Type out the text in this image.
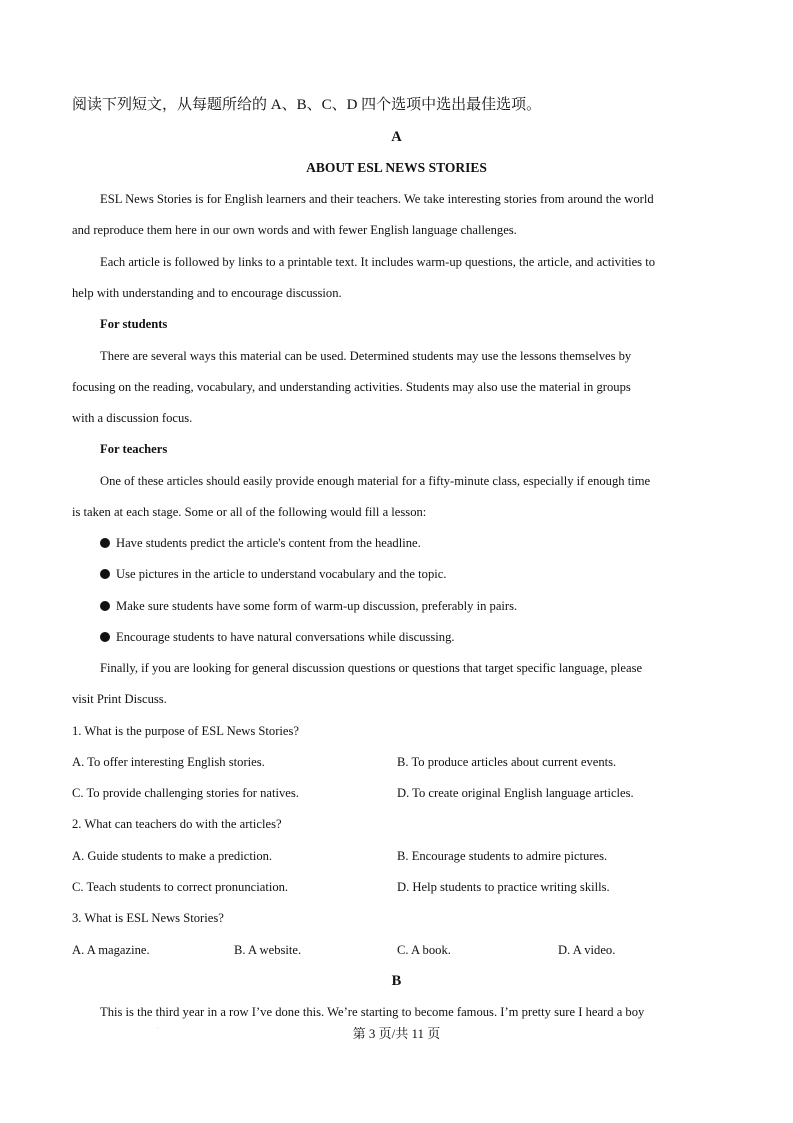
阅读下列短文，从每题所给的 A、B、C、D 四个选项中选出最佳选项。
A
ABOUT ESL NEWS STORIES
ESL News Stories is for English learners and their teachers. We take interesting stories from around the world
and reproduce them here in our own words and with fewer English language challenges.
Each article is followed by links to a printable text. It includes warm-up questions, the article, and activities to
help with understanding and to encourage discussion.
For students
There are several ways this material can be used. Determined students may use the lessons themselves by
focusing on the reading, vocabulary, and understanding activities. Students may also use the material in groups
with a discussion focus.
For teachers
One of these articles should easily provide enough material for a fifty-minute class, especially if enough time
is taken at each stage. Some or all of the following would fill a lesson:
Have students predict the article's content from the headline.
Use pictures in the article to understand vocabulary and the topic.
Make sure students have some form of warm-up discussion, preferably in pairs.
Encourage students to have natural conversations while discussing.
Finally, if you are looking for general discussion questions or questions that target specific language, please
visit Print Discuss.
1. What is the purpose of ESL News Stories?
A. To offer interesting English stories.	B. To produce articles about current events.
C. To provide challenging stories for natives.	D. To create original English language articles.
2. What can teachers do with the articles?
A. Guide students to make a prediction.	B. Encourage students to admire pictures.
C. Teach students to correct pronunciation.	D. Help students to practice writing skills.
3. What is ESL News Stories?
A. A magazine.	B. A website.	C. A book.	D. A video.
B
This is the third year in a row I’ve done this. We’re starting to become famous. I’m pretty sure I heard a boy
·	第 3 页/共 11 页
